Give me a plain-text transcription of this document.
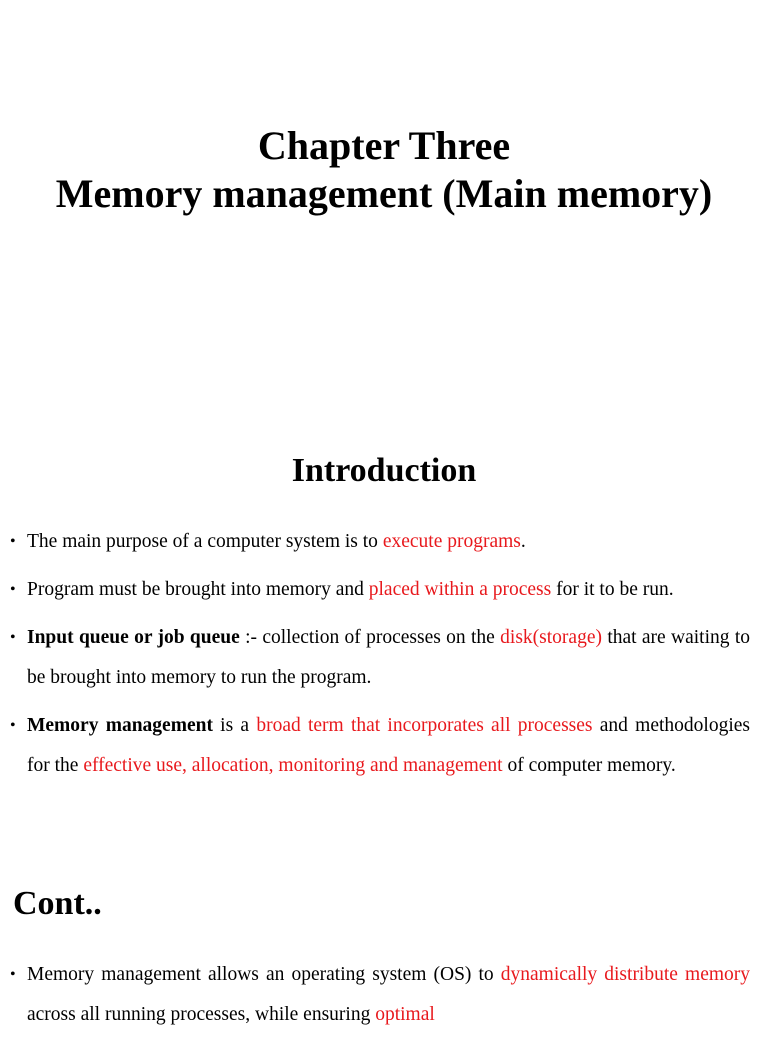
Chapter Three

Memory management (Main memory)

Introduction
• The main purpose of a computer system is to execute programs.
• Program must be brought into memory and placed within a process for it to be run.
• Input queue or job queue :- collection of processes on the disk(storage) that are waiting to be brought into memory to run the program.
• Memory management is a broad term that incorporates all processes and methodologies for the effective use, allocation, monitoring and management of computer memory.
Cont..
• Memory management allows an operating system (OS) to dynamically distribute memory across all running processes, while ensuring optimal
